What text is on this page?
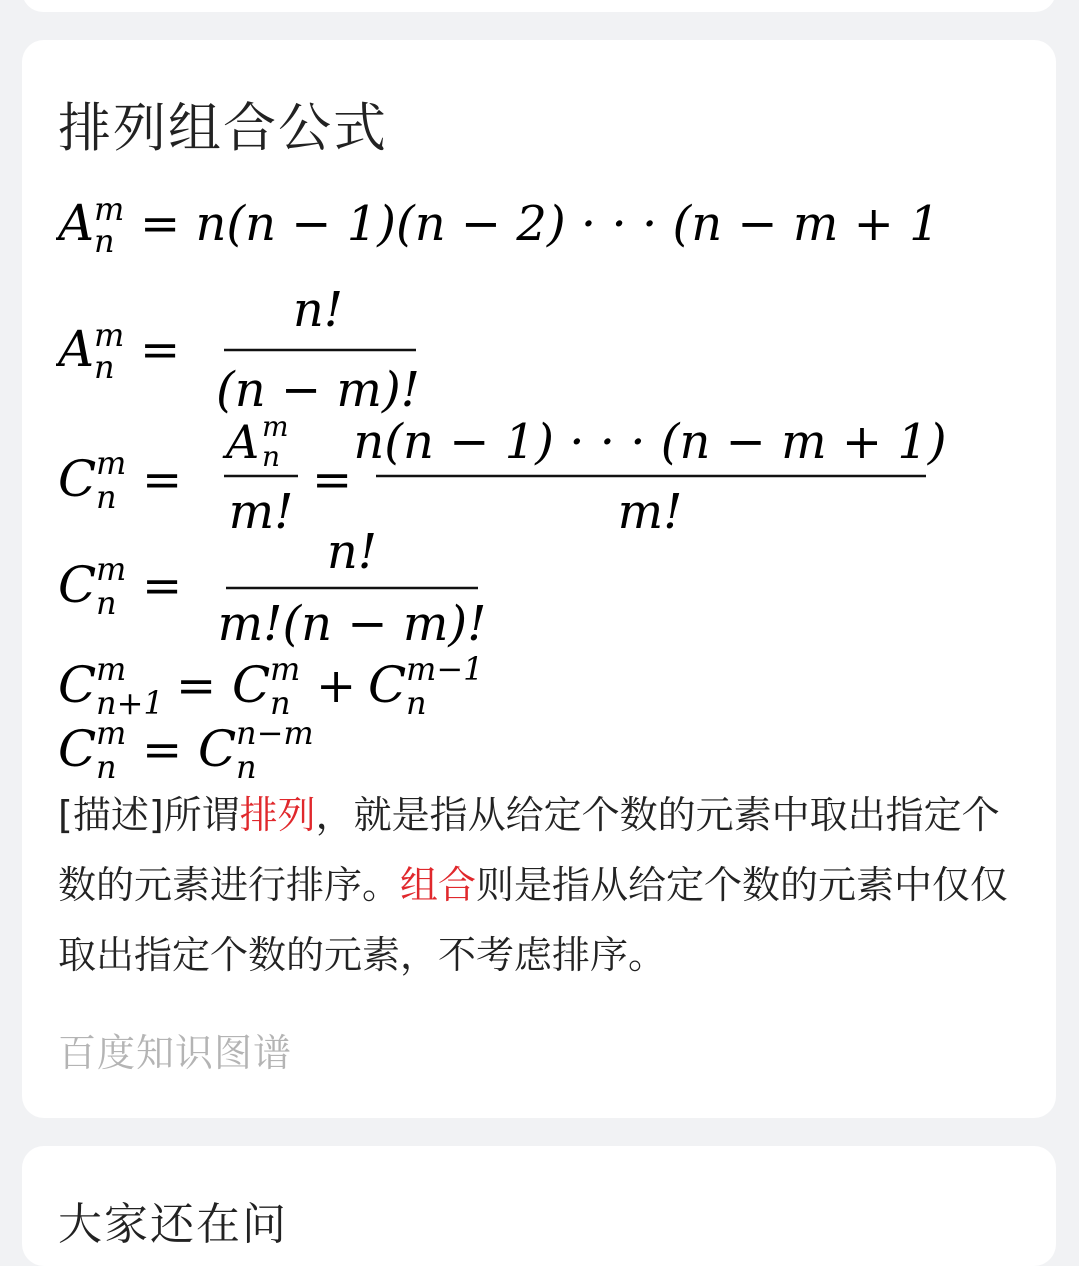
排列组合公式
A m
n = n(n − 1)(n − 2) · · · (n − m + 1)
A m
n =
n!
(n − m)!
C m
n =
A m
n
m!
=
n(n − 1) · · · (n − m + 1)
m!
C m
n =
n!
m!(n − m)!
C m
n+1 = C m
n + C m−1
n
C m
n = C n−m
n
[描述]所谓排列，就是指从给定个数的元素中取出指定个数的元素进行排序。组合则是指从给定个数的元素中仅仅取出指定个数的元素，不考虑排序。
百度知识图谱
大家还在问
